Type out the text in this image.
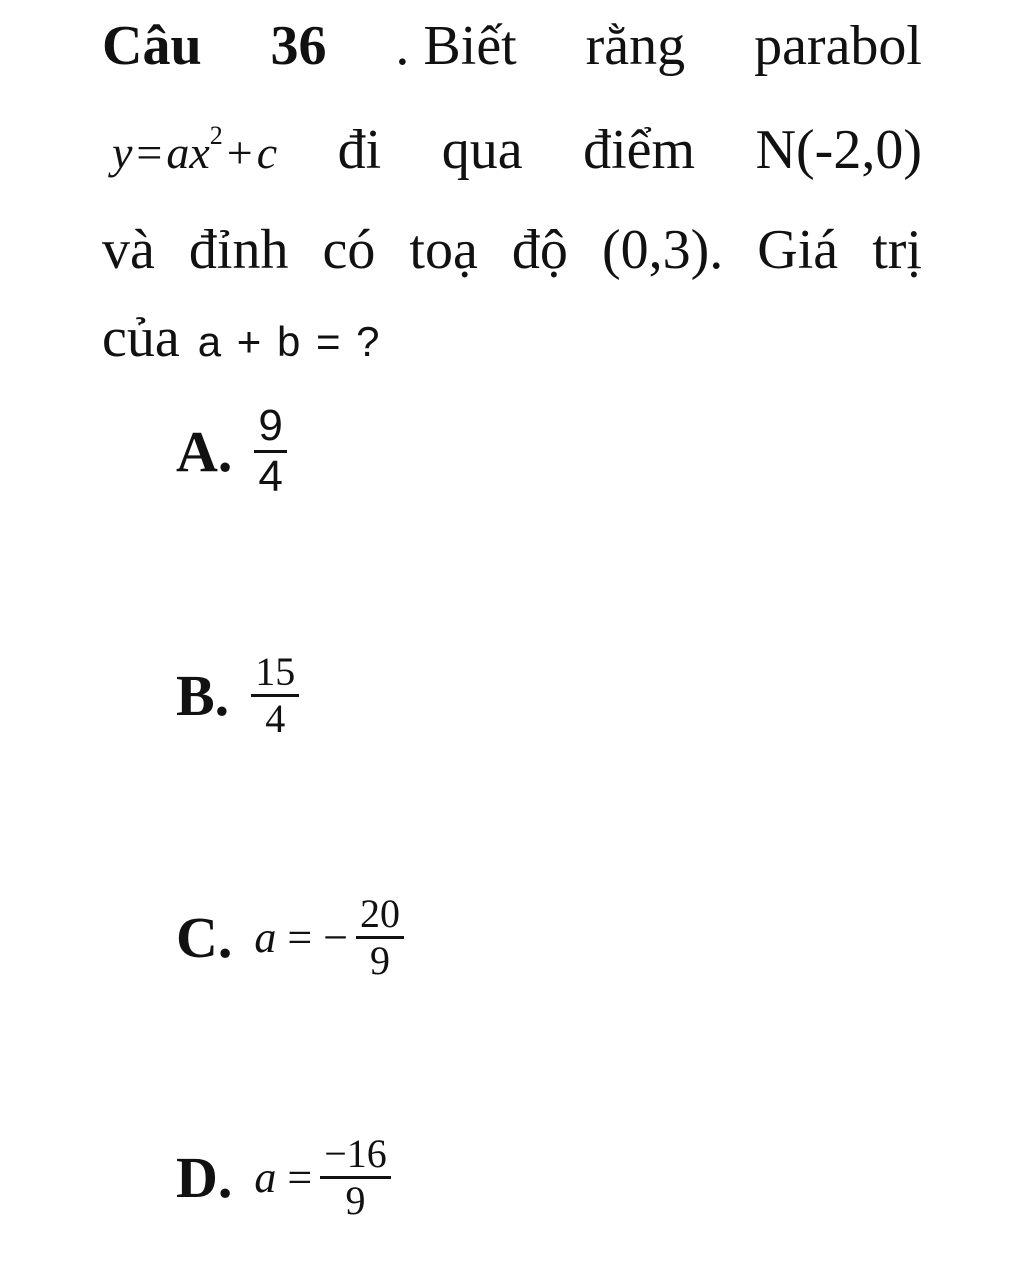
Câu 36 . Biết rằng parabol
$y=ax^2+c$ đi qua điểm N(-2,0)
và đỉnh có toạ độ (0,3). Giá trị
của a + b = ?
A. $\frac{9}{4}$
B. $\frac{15}{4}$
C. a = − $\frac{20}{9}$
D. $a = \frac{-16}{9}$
